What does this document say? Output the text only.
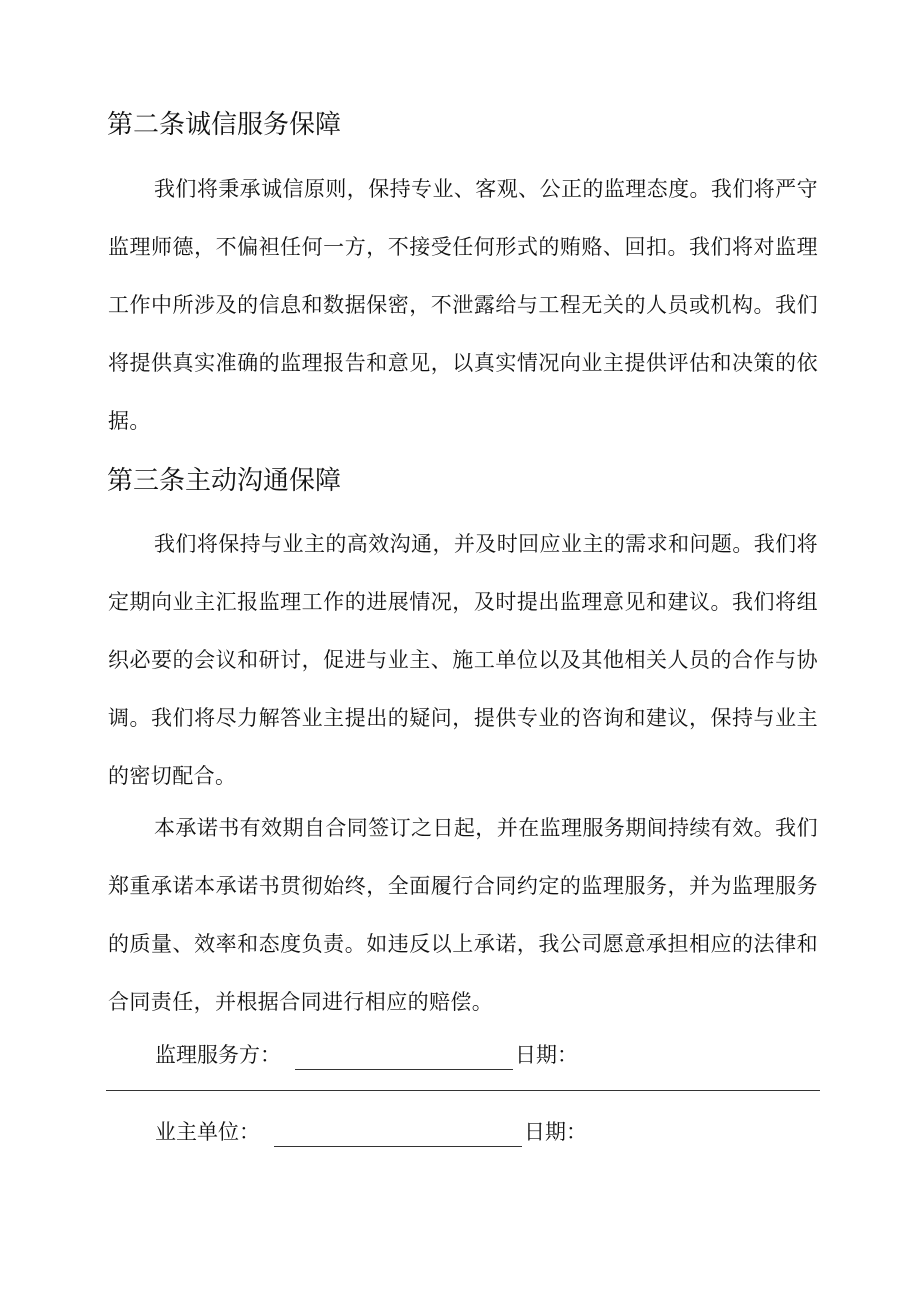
第二条诚信服务保障

我们将秉承诚信原则，保持专业、客观、公正的监理态度。我们将严守监理师德，不偏袒任何一方，不接受任何形式的贿赂、回扣。我们将对监理工作中所涉及的信息和数据保密，不泄露给与工程无关的人员或机构。我们将提供真实准确的监理报告和意见，以真实情况向业主提供评估和决策的依据。

第三条主动沟通保障

我们将保持与业主的高效沟通，并及时回应业主的需求和问题。我们将定期向业主汇报监理工作的进展情况，及时提出监理意见和建议。我们将组织必要的会议和研讨，促进与业主、施工单位以及其他相关人员的合作与协调。我们将尽力解答业主提出的疑问，提供专业的咨询和建议，保持与业主的密切配合。

本承诺书有效期自合同签订之日起，并在监理服务期间持续有效。我们郑重承诺本承诺书贯彻始终，全面履行合同约定的监理服务，并为监理服务的质量、效率和态度负责。如违反以上承诺，我公司愿意承担相应的法律和合同责任，并根据合同进行相应的赔偿。

监理服务方：	日期：
业主单位：	日期：
